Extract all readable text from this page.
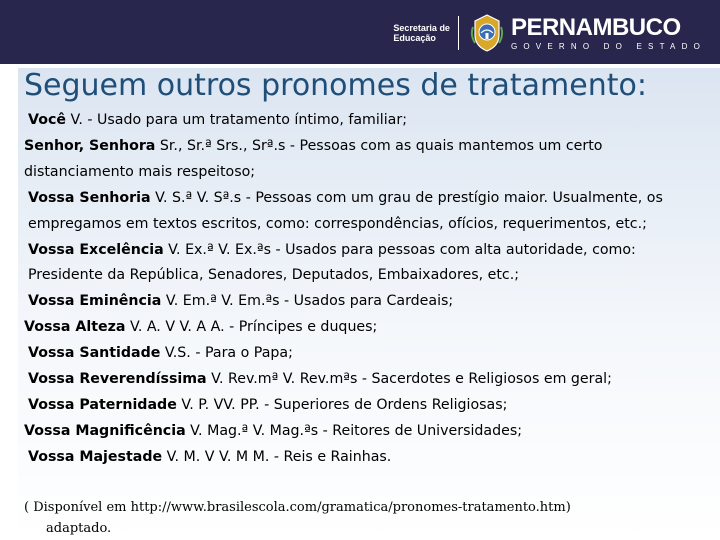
Secretaria de
Educação	PERNAMBUCO
GOVERNO DO ESTADO
Seguem outros pronomes de tratamento:

Você V. - Usado para um tratamento íntimo, familiar;

Senhor, Senhora Sr., Sr.ª Srs., Srª.s - Pessoas com as quais mantemos um certo distanciamento mais respeitoso;

Vossa Senhoria V. S.ª V. Sª.s - Pessoas com um grau de prestígio maior. Usualmente, os empregamos em textos escritos, como: correspondências, ofícios, requerimentos, etc.;

Vossa Excelência V. Ex.ª V. Ex.ªs - Usados para pessoas com alta autoridade, como: Presidente da República, Senadores, Deputados, Embaixadores, etc.;

Vossa Eminência V. Em.ª V. Em.ªs - Usados para Cardeais;

Vossa Alteza V. A. V V. A A. - Príncipes e duques;

Vossa Santidade V.S. - Para o Papa;

Vossa Reverendíssima V. Rev.mª V. Rev.mªs - Sacerdotes e Religiosos em geral;

Vossa Paternidade V. P. VV. PP. - Superiores de Ordens Religiosas;

Vossa Magnificência V. Mag.ª V. Mag.ªs - Reitores de Universidades;

Vossa Majestade V. M. V V. M M. - Reis e Rainhas.

( Disponível em http://www.brasilescola.com/gramatica/pronomes-tratamento.htm)
adaptado.
